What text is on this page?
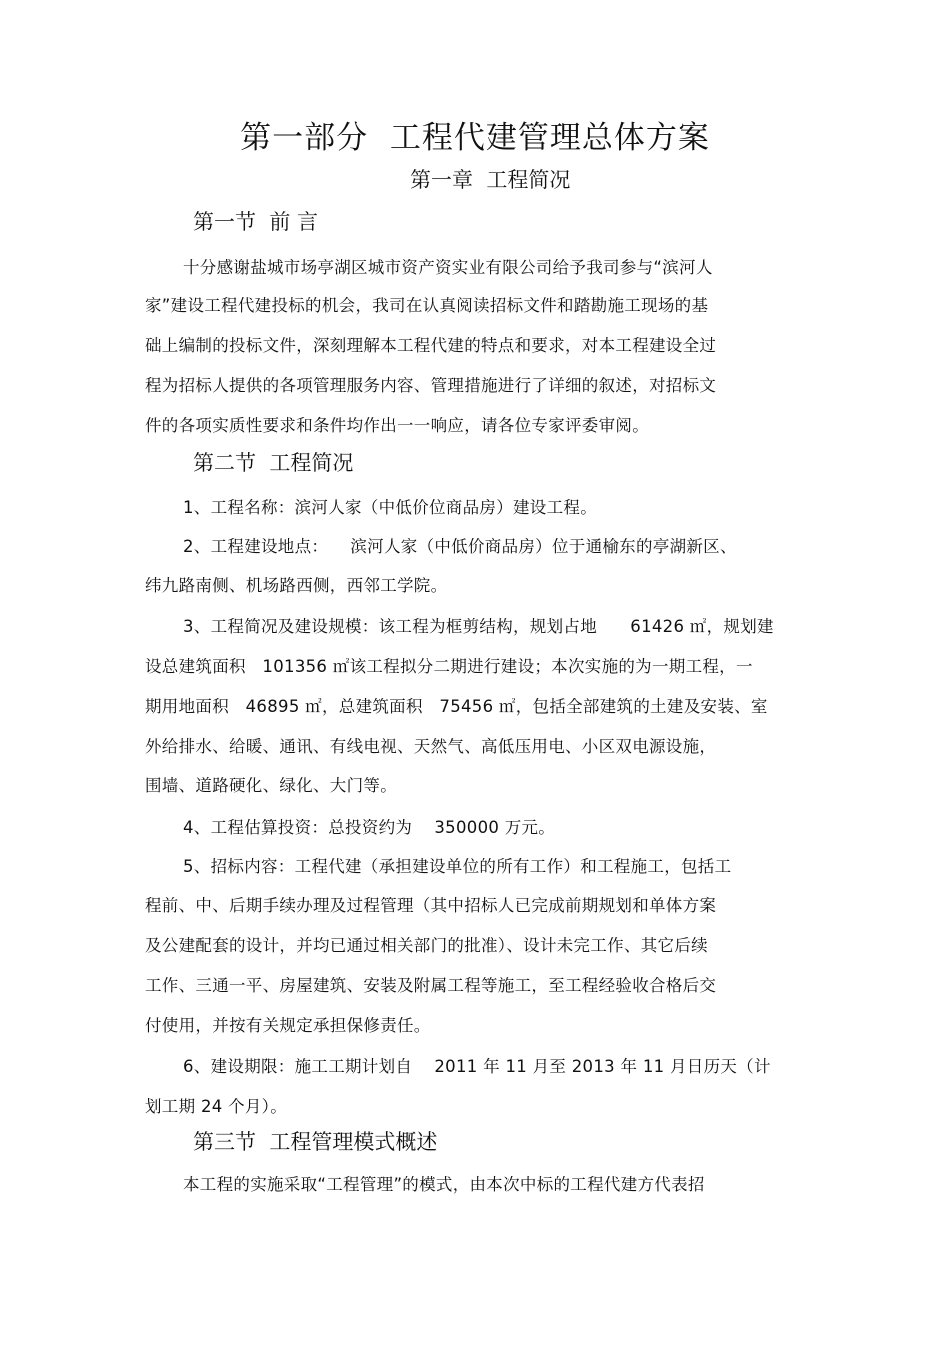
第一部分  工程代建管理总体方案
第一章  工程简况
第一节  前 言
十分感谢盐城市场亭湖区城市资产资实业有限公司给予我司参与“滨河人
家”建设工程代建投标的机会，我司在认真阅读招标文件和踏勘施工现场的基
础上编制的投标文件，深刻理解本工程代建的特点和要求，对本工程建设全过
程为招标人提供的各项管理服务内容、管理措施进行了详细的叙述，对招标文
件的各项实质性要求和条件均作出一一响应，请各位专家评委审阅。
第二节  工程简况
1、工程名称：滨河人家（中低价位商品房）建设工程。
2、工程建设地点：    滨河人家（中低价商品房）位于通榆东的亭湖新区、
纬九路南侧、机场路西侧，西邻工学院。
3、工程简况及建设规模：该工程为框剪结构，规划占地      61426 ㎡，规划建
设总建筑面积   101356 ㎡该工程拟分二期进行建设；本次实施的为一期工程，一
期用地面积   46895 ㎡，总建筑面积   75456 ㎡，包括全部建筑的土建及安装、室
外给排水、给暖、通讯、有线电视、天然气、高低压用电、小区双电源设施，
围墙、道路硬化、绿化、大门等。
4、工程估算投资：总投资约为    350000 万元。
5、招标内容：工程代建（承担建设单位的所有工作）和工程施工，包括工
程前、中、后期手续办理及过程管理（其中招标人已完成前期规划和单体方案
及公建配套的设计，并均已通过相关部门的批准）、设计未完工作、其它后续
工作、三通一平、房屋建筑、安装及附属工程等施工，至工程经验收合格后交
付使用，并按有关规定承担保修责任。
6、建设期限：施工工期计划自    2011 年 11 月至 2013 年 11 月日历天（计
划工期 24 个月）。
第三节  工程管理模式概述
本工程的实施采取“工程管理”的模式，由本次中标的工程代建方代表招
